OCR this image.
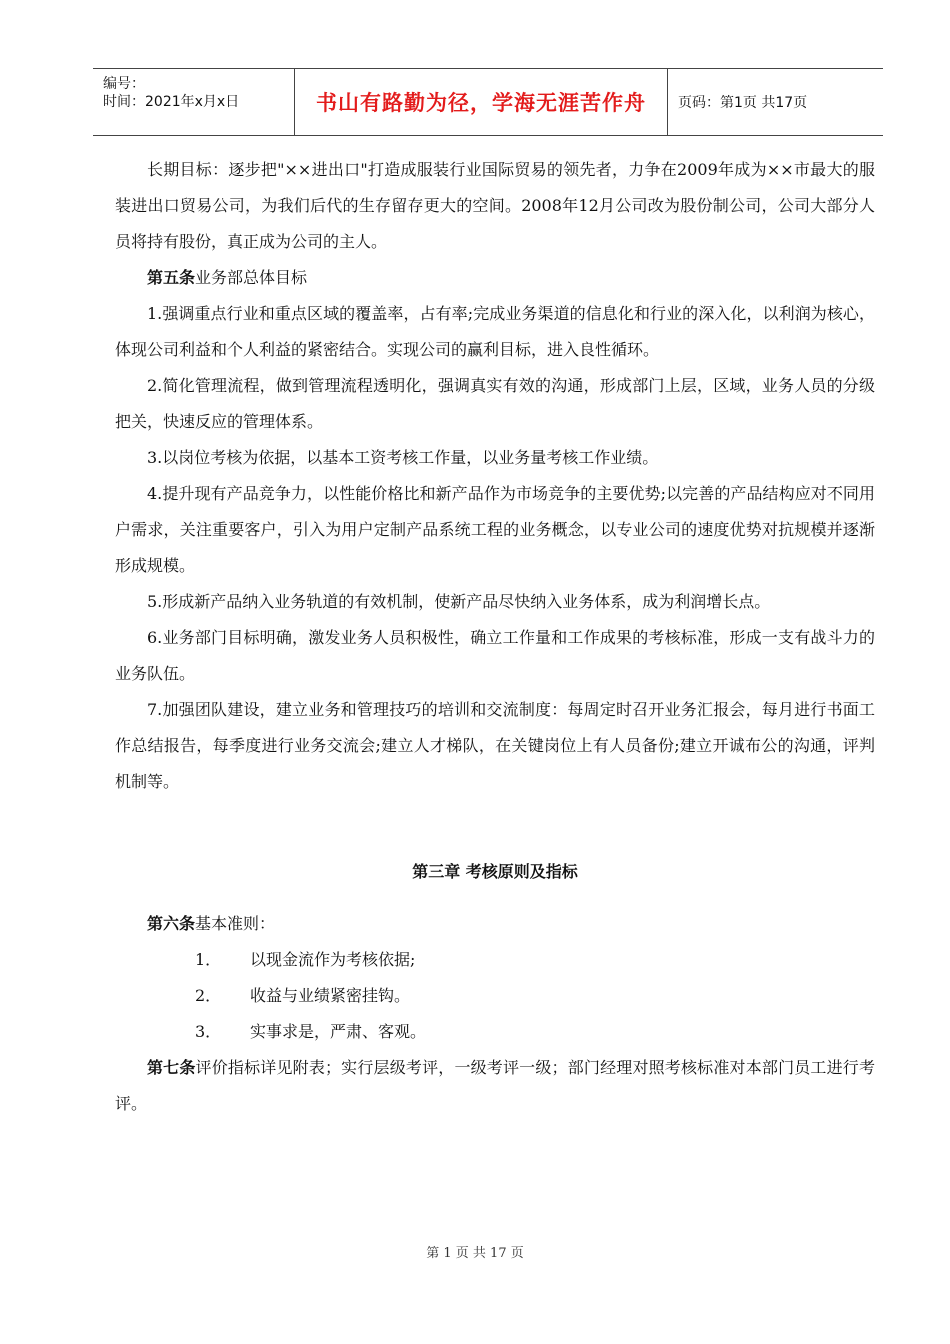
编号：
时间：2021年x月x日	书山有路勤为径，学海无涯苦作舟	页码：第1页 共17页

长期目标：逐步把"××进出口"打造成服装行业国际贸易的领先者，力争在2009年成为××市最大的服装进出口贸易公司，为我们后代的生存留存更大的空间。2008年12月公司改为股份制公司，公司大部分人员将持有股份，真正成为公司的主人。

第五条业务部总体目标

1.强调重点行业和重点区域的覆盖率，占有率;完成业务渠道的信息化和行业的深入化，以利润为核心，体现公司利益和个人利益的紧密结合。实现公司的赢利目标，进入良性循环。

2.简化管理流程，做到管理流程透明化，强调真实有效的沟通，形成部门上层，区域，业务人员的分级把关，快速反应的管理体系。

3.以岗位考核为依据，以基本工资考核工作量，以业务量考核工作业绩。

4.提升现有产品竞争力，以性能价格比和新产品作为市场竞争的主要优势;以完善的产品结构应对不同用户需求，关注重要客户，引入为用户定制产品系统工程的业务概念，以专业公司的速度优势对抗规模并逐渐形成规模。

5.形成新产品纳入业务轨道的有效机制，使新产品尽快纳入业务体系，成为利润增长点。

6.业务部门目标明确，激发业务人员积极性，确立工作量和工作成果的考核标准，形成一支有战斗力的业务队伍。

7.加强团队建设，建立业务和管理技巧的培训和交流制度：每周定时召开业务汇报会，每月进行书面工作总结报告，每季度进行业务交流会;建立人才梯队，在关键岗位上有人员备份;建立开诚布公的沟通，评判机制等。

第三章 考核原则及指标

第六条基本准则：

1． 以现金流作为考核依据;

2． 收益与业绩紧密挂钩。

3． 实事求是，严肃、客观。

第七条评价指标详见附表；实行层级考评，一级考评一级；部门经理对照考核标准对本部门员工进行考评。

第 1 页 共 17 页
